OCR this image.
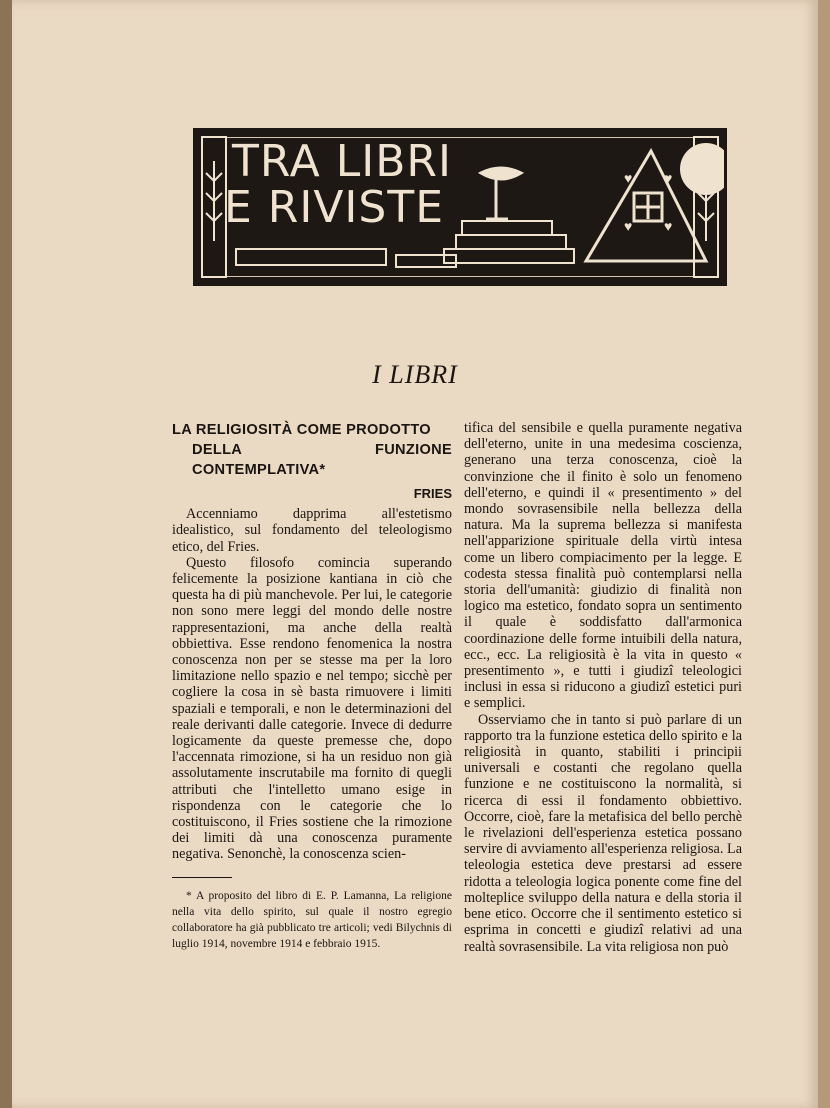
TRA LIBRI
E RIVISTE
♥ ♥
♥ ♥
I LIBRI
LA RELIGIOSITÀ COME PRODOTTO
DELLA FUNZIONE CONTEMPLATIVA*
FRIES

Accenniamo dapprima all'estetismo idealistico, sul fondamento del teleologismo etico, del Fries.

Questo filosofo comincia superando felicemente la posizione kantiana in ciò che questa ha di più manchevole. Per lui, le categorie non sono mere leggi del mondo delle nostre rappresentazioni, ma anche della realtà obbiettiva. Esse rendono fenomenica la nostra conoscenza non per se stesse ma per la loro limitazione nello spazio e nel tempo; sicchè per cogliere la cosa in sè basta rimuovere i limiti spaziali e temporali, e non le determinazioni del reale derivanti dalle categorie. Invece di dedurre logicamente da queste premesse che, dopo l'accennata rimozione, si ha un residuo non già assolutamente inscrutabile ma fornito di quegli attributi che l'intelletto umano esige in rispondenza con le categorie che lo costituiscono, il Fries sostiene che la rimozione dei limiti dà una conoscenza puramente negativa. Senonchè, la conoscenza scien-

* A proposito del libro di E. P. Lamanna, La religione nella vita dello spirito, sul quale il nostro egregio collaboratore ha già pubblicato tre articoli; vedi Bilychnis di luglio 1914, novembre 1914 e febbraio 1915.

tifica del sensibile e quella puramente negativa dell'eterno, unite in una medesima coscienza, generano una terza conoscenza, cioè la convinzione che il finito è solo un fenomeno dell'eterno, e quindi il « presentimento » del mondo sovrasensibile nella bellezza della natura. Ma la suprema bellezza si manifesta nell'apparizione spirituale della virtù intesa come un libero compiacimento per la legge. E codesta stessa finalità può contemplarsi nella storia dell'umanità: giudizio di finalità non logico ma estetico, fondato sopra un sentimento il quale è soddisfatto dall'armonica coordinazione delle forme intuibili della natura, ecc., ecc. La religiosità è la vita in questo « presentimento », e tutti i giudizî teleologici inclusi in essa si riducono a giudizî estetici puri e semplici.

Osserviamo che in tanto si può parlare di un rapporto tra la funzione estetica dello spirito e la religiosità in quanto, stabiliti i principii universali e costanti che regolano quella funzione e ne costituiscono la normalità, si ricerca di essi il fondamento obbiettivo. Occorre, cioè, fare la metafisica del bello perchè le rivelazioni dell'esperienza estetica possano servire di avviamento all'esperienza religiosa. La teleologia estetica deve prestarsi ad essere ridotta a teleologia logica ponente come fine del molteplice sviluppo della natura e della storia il bene etico. Occorre che il sentimento estetico si esprima in concetti e giudizî relativi ad una realtà sovrasensibile. La vita religiosa non può
